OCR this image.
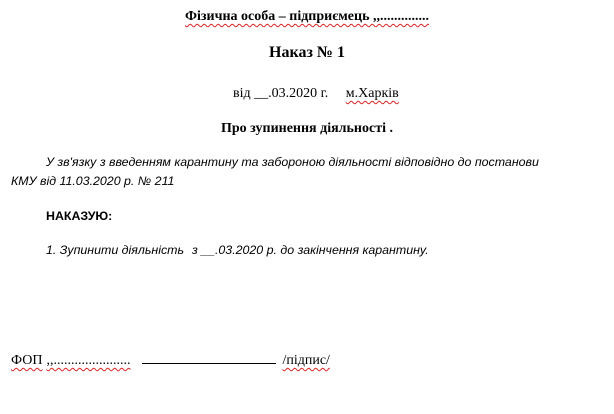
Фізична особа – підприємець ,,..............
Наказ № 1
від __.03.2020 г. м.Харків
Про зупинення діяльності .
У зв'язку з введенням карантину та забороною діяльності відповідно до постанови
КМУ від 11.03.2020 р. № 211
НАКАЗУЮ:
1. Зупинити діяльність з __.03.2020 р. до закінчення карантину.
ФОП ,,......................	/підпис/
